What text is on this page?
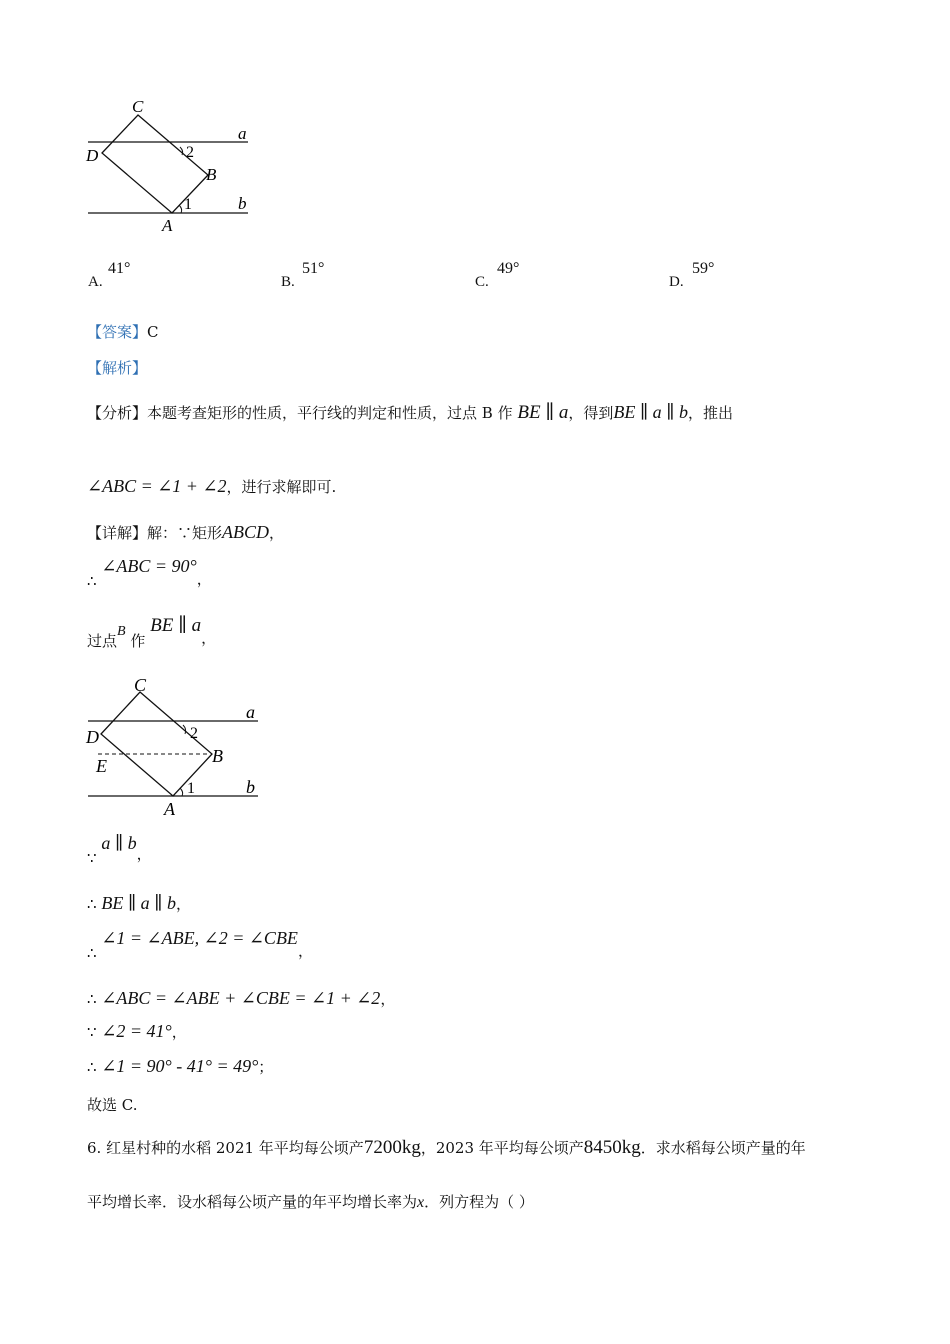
C
D
a
b
B
A
1
2
A.
41°
B.
51°
C.
49°
D.
59°
【答案】C
【解析】
【分析】本题考查矩形的性质，平行线的判定和性质，过点 B 作 BE ∥ a，得到BE ∥ a ∥ b，推出
∠ABC = ∠1 + ∠2，进行求解即可.
【详解】解：∵矩形ABCD，
∴ ∠ABC = 90°，
过点B 作 BE ∥ a，
C
D
E
a
b
B
A
1
2
∵ a ∥ b，
∴ BE ∥ a ∥ b，
∴ ∠1 = ∠ABE, ∠2 = ∠CBE，
∴ ∠ABC = ∠ABE + ∠CBE = ∠1 + ∠2，
∵ ∠2 = 41°，
∴ ∠1 = 90° - 41° = 49°；
故选 C.
6. 红星村种的水稻 2021 年平均每公顷产7200kg，2023 年平均每公顷产8450kg．求水稻每公顷产量的年
平均增长率．设水稻每公顷产量的年平均增长率为x．列方程为（ ）
